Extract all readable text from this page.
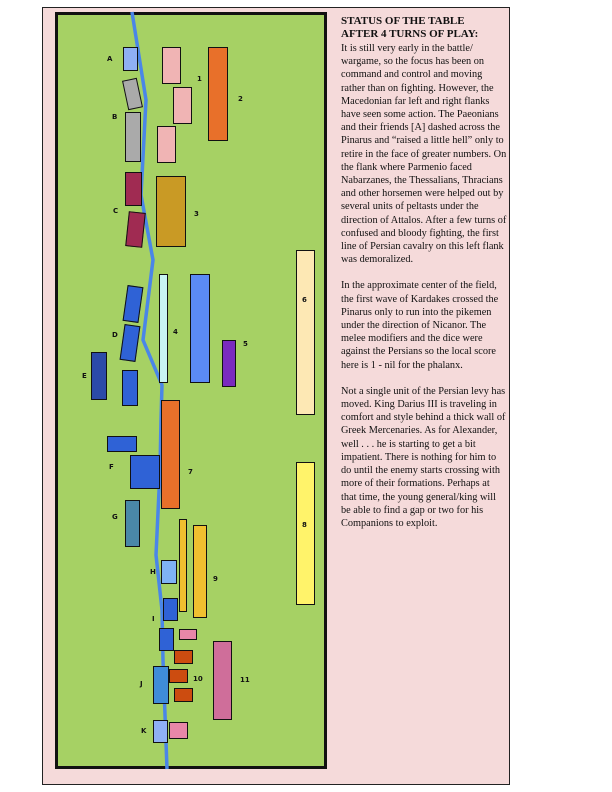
A
B
C
D
E
F
G
H
I
J
K
1
2
3
4
5
6
7
8
9
10	11
STATUS OF THE TABLE
AFTER 4 TURNS OF PLAY:

It is still very early in the battle/ wargame, so the focus has been on command and control and moving rather than on fighting. However, the Macedonian far left and right flanks have seen some action. The Paeonians and their friends [A] dashed across the Pinarus and “raised a little hell” only to retire in the face of greater numbers. On the flank where Parmenio faced Nabarzanes, the Thessalians, Thracians and other horsemen were helped out by several units of peltasts under the direction of Attalos. After a few turns of confused and bloody fighting, the first line of Persian cavalry on this left flank was demoralized.

In the approximate center of the field, the first wave of Kardakes crossed the Pinarus only to run into the pikemen under the direction of Nicanor. The melee modifiers and the dice were against the Persians so the local score here is 1 - nil for the phalanx.

Not a single unit of the Persian levy has moved. King Darius III is traveling in comfort and style behind a thick wall of Greek Mercenaries. As for Alexander, well . . . he is starting to get a bit impatient. There is nothing for him to do until the enemy starts crossing with more of their formations. Perhaps at that time, the young general/king will be able to find a gap or two for his Companions to exploit.
